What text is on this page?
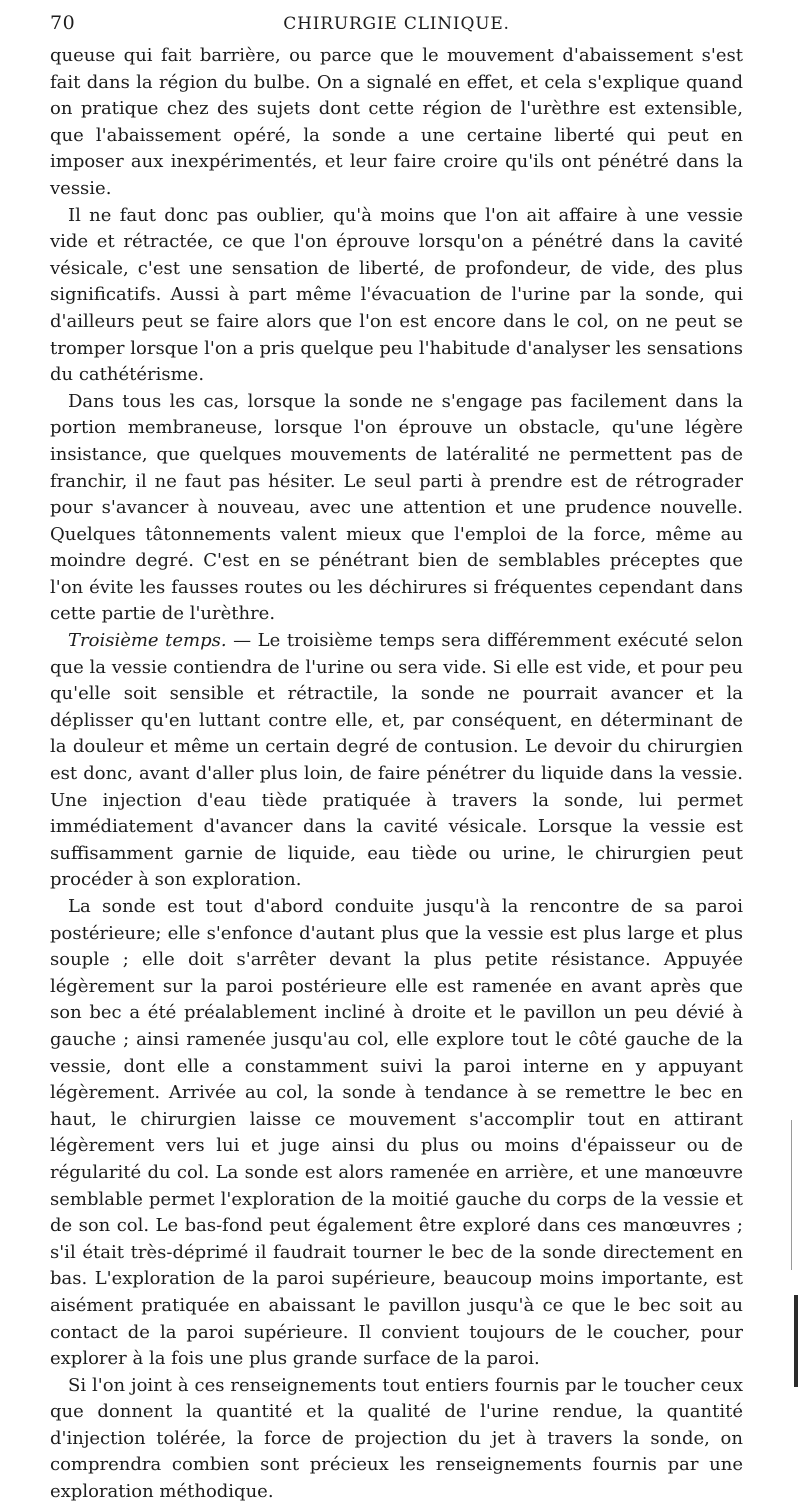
70	CHIRURGIE CLINIQUE.

queuse qui fait barrière, ou parce que le mouvement d'abaissement s'est fait dans la région du bulbe. On a signalé en effet, et cela s'explique quand on pratique chez des sujets dont cette région de l'urèthre est extensible, que l'abaissement opéré, la sonde a une certaine liberté qui peut en imposer aux inexpérimentés, et leur faire croire qu'ils ont pénétré dans la vessie.

Il ne faut donc pas oublier, qu'à moins que l'on ait affaire à une vessie vide et rétractée, ce que l'on éprouve lorsqu'on a pénétré dans la cavité vésicale, c'est une sensation de liberté, de profondeur, de vide, des plus significatifs. Aussi à part même l'évacuation de l'urine par la sonde, qui d'ailleurs peut se faire alors que l'on est encore dans le col, on ne peut se tromper lorsque l'on a pris quelque peu l'habitude d'analyser les sensations du cathétérisme.

Dans tous les cas, lorsque la sonde ne s'engage pas facilement dans la portion membraneuse, lorsque l'on éprouve un obstacle, qu'une légère insistance, que quelques mouvements de latéralité ne permettent pas de franchir, il ne faut pas hésiter. Le seul parti à prendre est de rétrograder pour s'avancer à nouveau, avec une attention et une prudence nouvelle. Quelques tâtonnements valent mieux que l'emploi de la force, même au moindre degré. C'est en se pénétrant bien de semblables préceptes que l'on évite les fausses routes ou les déchirures si fréquentes cependant dans cette partie de l'urèthre.

Troisième temps. — Le troisième temps sera différemment exécuté selon que la vessie contiendra de l'urine ou sera vide. Si elle est vide, et pour peu qu'elle soit sensible et rétractile, la sonde ne pourrait avancer et la déplisser qu'en luttant contre elle, et, par conséquent, en déterminant de la douleur et même un certain degré de contusion. Le devoir du chirurgien est donc, avant d'aller plus loin, de faire pénétrer du liquide dans la vessie. Une injection d'eau tiède pratiquée à travers la sonde, lui permet immédiatement d'avancer dans la cavité vésicale. Lorsque la vessie est suffisamment garnie de liquide, eau tiède ou urine, le chirurgien peut procéder à son exploration.

La sonde est tout d'abord conduite jusqu'à la rencontre de sa paroi postérieure; elle s'enfonce d'autant plus que la vessie est plus large et plus souple ; elle doit s'arrêter devant la plus petite résistance. Appuyée légèrement sur la paroi postérieure elle est ramenée en avant après que son bec a été préalablement incliné à droite et le pavillon un peu dévié à gauche ; ainsi ramenée jusqu'au col, elle explore tout le côté gauche de la vessie, dont elle a constamment suivi la paroi interne en y appuyant légèrement. Arrivée au col, la sonde à tendance à se remettre le bec en haut, le chirurgien laisse ce mouvement s'accomplir tout en attirant légèrement vers lui et juge ainsi du plus ou moins d'épaisseur ou de régularité du col. La sonde est alors ramenée en arrière, et une manœuvre semblable permet l'exploration de la moitié gauche du corps de la vessie et de son col. Le bas-fond peut également être exploré dans ces manœuvres ; s'il était très-déprimé il faudrait tourner le bec de la sonde directement en bas. L'exploration de la paroi supérieure, beaucoup moins importante, est aisément pratiquée en abaissant le pavillon jusqu'à ce que le bec soit au contact de la paroi supérieure. Il convient toujours de le coucher, pour explorer à la fois une plus grande surface de la paroi.

Si l'on joint à ces renseignements tout entiers fournis par le toucher ceux que donnent la quantité et la qualité de l'urine rendue, la quantité d'injection tolérée, la force de projection du jet à travers la sonde, on comprendra combien sont précieux les renseignements fournis par une exploration méthodique.
